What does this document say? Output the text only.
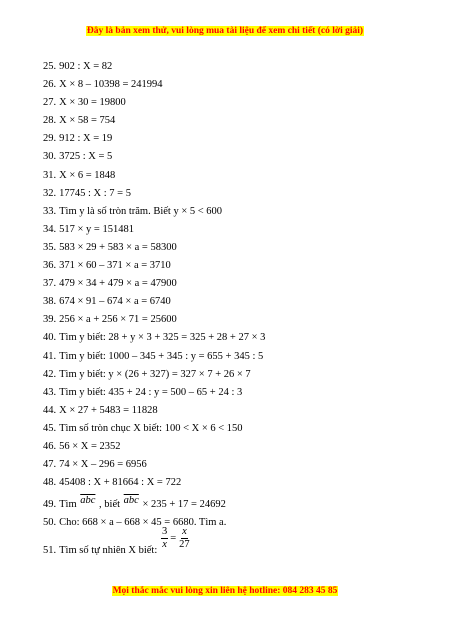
Đây là bản xem thử, vui lòng mua tài liệu để xem chi tiết (có lời giải)
25. 902 : X = 82
26. X × 8 – 10398 = 241994
27. X × 30 = 19800
28. X × 58 = 754
29. 912 : X = 19
30. 3725 : X = 5
31. X × 6 = 1848
32. 17745 : X : 7 = 5
33. Tìm y là số tròn trăm. Biết y × 5 < 600
34. 517 × y = 151481
35. 583 × 29 + 583 × a = 58300
36. 371 × 60 – 371 × a = 3710
37. 479 × 34 + 479 × a = 47900
38. 674 × 91 – 674 × a = 6740
39. 256 × a + 256 × 71 = 25600
40. Tìm y biết: 28 + y × 3 + 325 = 325 + 28 + 27 × 3
41. Tìm y biết: 1000 – 345 + 345 : y = 655 + 345 : 5
42. Tìm y biết: y × (26 + 327) = 327 × 7 + 26 × 7
43. Tìm y biết: 435 + 24 : y = 500 – 65 + 24 : 3
44. X × 27 + 5483 = 11828
45. Tìm số tròn chục X biết: 100 < X × 6 < 150
46. 56 × X = 2352
47. 74 × X – 296 = 6956
48. 45408 : X + 81664 : X = 722
49. Tìm $\overline{abc}$ , biết $\overline{abc} \times 235 + 17 = 24692$
50. Cho: 668 × a – 668 × 45 = 6680. Tìm a.
51. Tìm số tự nhiên X biết: $\frac{3}{x} = \frac{x}{27}$
Mọi thắc mắc vui lòng xin liên hệ hotline: 084 283 45 85
